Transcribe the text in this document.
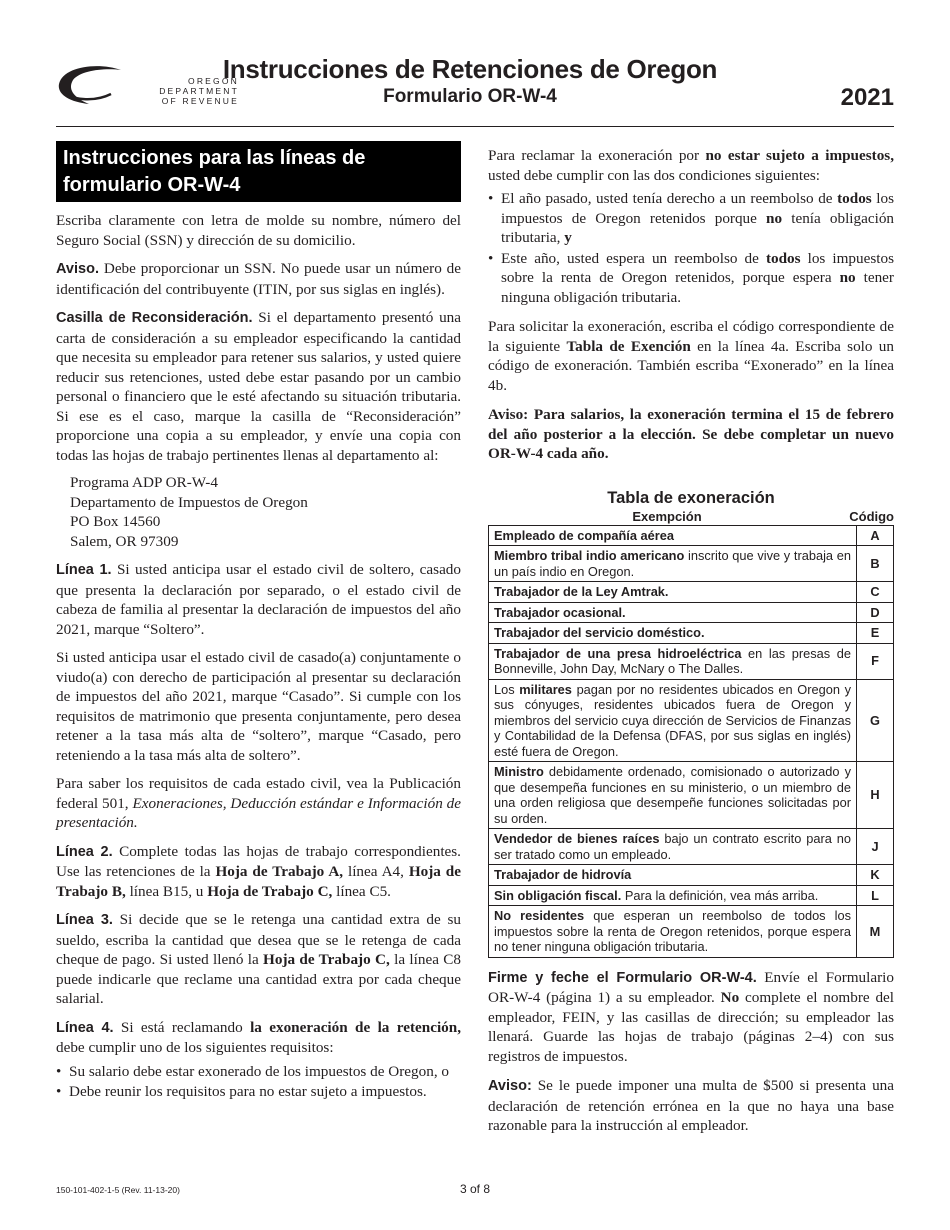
OREGON
DEPARTMENT
OF REVENUE
Instrucciones de Retenciones de Oregon
Formulario OR-W-4	2021
Instrucciones para las líneas de formulario OR-W-4

Escriba claramente con letra de molde su nombre, número del Seguro Social (SSN) y dirección de su domicilio.

Aviso. Debe proporcionar un SSN. No puede usar un número de identificación del contribuyente (ITIN, por sus siglas en inglés).

Casilla de Reconsideración. Si el departamento presentó una carta de consideración a su empleador especificando la cantidad que necesita su empleador para retener sus salarios, y usted quiere reducir sus retenciones, usted debe estar pasando por un cambio personal o financiero que le esté afectando su situación tributaria. Si ese es el caso, marque la casilla de “Reconsideración” proporcione una copia a su empleador, y envíe una copia con todas las hojas de trabajo pertinentes llenas al departamento al:

Programa ADP OR-W-4
Departamento de Impuestos de Oregon
PO Box 14560
Salem, OR 97309

Línea 1. Si usted anticipa usar el estado civil de soltero, casado que presenta la declaración por separado, o el estado civil de cabeza de familia al presentar la declaración de impuestos del año 2021, marque “Soltero”.

Si usted anticipa usar el estado civil de casado(a) conjuntamente o viudo(a) con derecho de participación al presentar su declaración de impuestos del año 2021, marque “Casado”. Si cumple con los requisitos de matrimonio que presenta conjuntamente, pero desea retener a la tasa más alta de “soltero”, marque “Casado, pero reteniendo a la tasa más alta de soltero”.

Para saber los requisitos de cada estado civil, vea la Publicación federal 501, Exoneraciones, Deducción estándar e Información de presentación.

Línea 2. Complete todas las hojas de trabajo correspondientes. Use las retenciones de la Hoja de Trabajo A, línea A4, Hoja de Trabajo B, línea B15, u Hoja de Trabajo C, línea C5.

Línea 3. Si decide que se le retenga una cantidad extra de su sueldo, escriba la cantidad que desea que se le retenga de cada cheque de pago. Si usted llenó la Hoja de Trabajo C, la línea C8 puede indicarle que reclame una cantidad extra por cada cheque salarial.

Línea 4. Si está reclamando la exoneración de la retención, debe cumplir uno de los siguientes requisitos:

• Su salario debe estar exonerado de los impuestos de Oregon, o
• Debe reunir los requisitos para no estar sujeto a impuestos.

Para reclamar la exoneración por no estar sujeto a impuestos, usted debe cumplir con las dos condiciones siguientes:

• El año pasado, usted tenía derecho a un reembolso de todos los impuestos de Oregon retenidos porque no tenía obligación tributaria, y
• Este año, usted espera un reembolso de todos los impuestos sobre la renta de Oregon retenidos, porque espera no tener ninguna obligación tributaria.

Para solicitar la exoneración, escriba el código correspondiente de la siguiente Tabla de Exención en la línea 4a. Escriba solo un código de exoneración. También escriba “Exonerado” en la línea 4b.

Aviso: Para salarios, la exoneración termina el 15 de febrero del año posterior a la elección. Se debe completar un nuevo OR-W-4 cada año.

Tabla de exoneración
Exempción	Código
Empleado de compañía aérea	A
Miembro tribal indio americano inscrito que vive y trabaja en un país indio en Oregon.	B
Trabajador de la Ley Amtrak.	C
Trabajador ocasional.	D
Trabajador del servicio doméstico.	E
Trabajador de una presa hidroeléctrica en las presas de Bonneville, John Day, McNary o The Dalles.	F
Los militares pagan por no residentes ubicados en Oregon y sus cónyuges, residentes ubicados fuera de Oregon y miembros del servicio cuya dirección de Servicios de Finanzas y Contabilidad de la Defensa (DFAS, por sus siglas en inglés) esté fuera de Oregon.	G
Ministro debidamente ordenado, comisionado o autorizado y que desempeña funciones en su ministerio, o un miembro de una orden religiosa que desempeñe funciones solicitadas por su orden.	H
Vendedor de bienes raíces bajo un contrato escrito para no ser tratado como un empleado.	J
Trabajador de hidrovía	K
Sin obligación fiscal. Para la definición, vea más arriba.	L
No residentes que esperan un reembolso de todos los impuestos sobre la renta de Oregon retenidos, porque espera no tener ninguna obligación tributaria.	M

Firme y feche el Formulario OR-W-4. Envíe el Formulario OR-W-4 (página 1) a su empleador. No complete el nombre del empleador, FEIN, y las casillas de dirección; su empleador las llenará. Guarde las hojas de trabajo (páginas 2–4) con sus registros de impuestos.

Aviso: Se le puede imponer una multa de $500 si presenta una declaración de retención errónea en la que no haya una base razonable para la instrucción al empleador.

150-101-402-1-5 (Rev. 11-13-20)	3 of 8
